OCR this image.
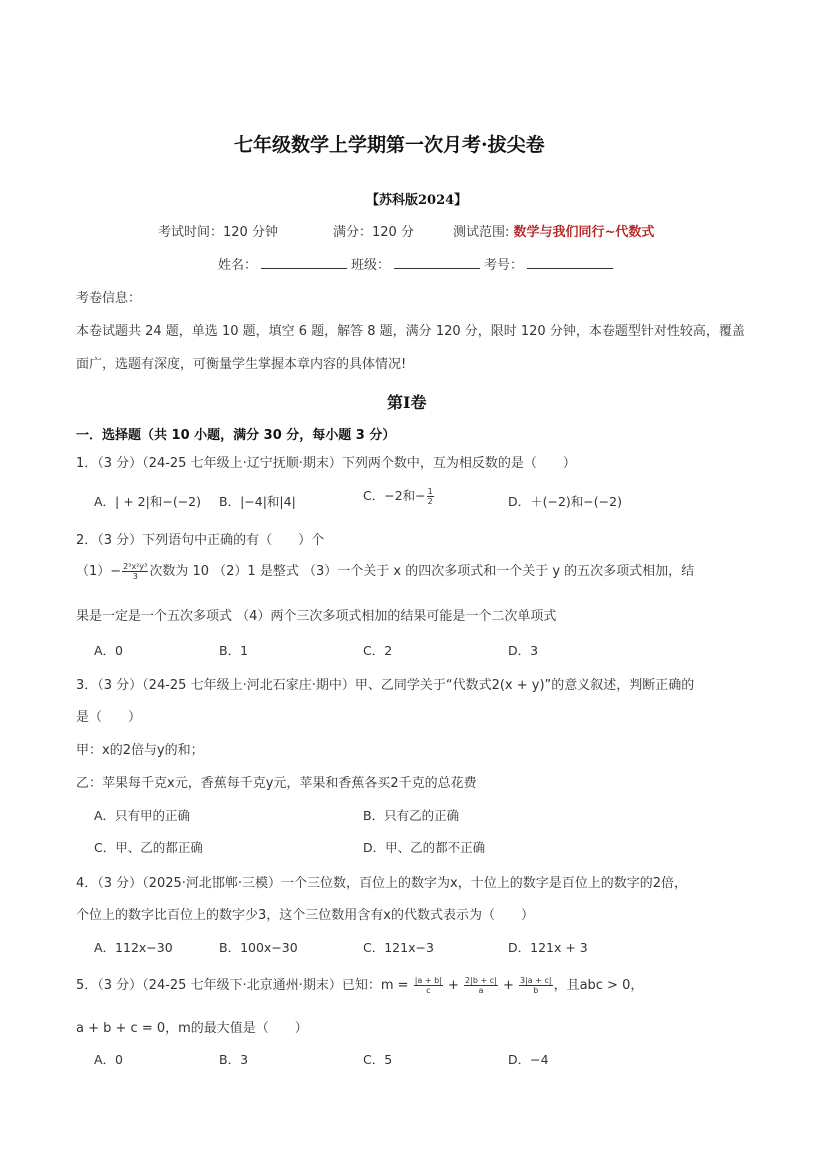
七年级数学上学期第一次月考·拔尖卷
【苏科版2024】
考试时间：120 分钟	满分：120 分	测试范围: 数学与我们同行~代数式
姓名：	班级：	考号：
考卷信息：
本卷试题共 24 题，单选 10 题，填空 6 题，解答 8 题，满分 120 分，限时 120 分钟，本卷题型针对性较高，覆盖
面广，选题有深度，可衡量学生掌握本章内容的具体情况!
第Ⅰ卷
一．选择题（共 10 小题，满分 30 分，每小题 3 分）
1．（3 分）（24-25 七年级上·辽宁抚顺·期末）下列两个数中，互为相反数的是（　　）
A．| + 2|和−(−2) B．|−4|和|4|	C．−2和− $\frac{1}{2}$	D．＋(−2)和−(−2)
2．（3 分）下列语句中正确的有（　　）个
$(1)- \frac{\text{2³x²y³}}{3}$ 次数为 10 （2）1 是整式 （3）一个关于 x 的四次多项式和一个关于 y 的五次多项式相加，结
果是一定是一个五次多项式 （4）两个三次多项式相加的结果可能是一个二次单项式
A．0	B．1	C．2	D．3
3．（3 分）（24-25 七年级上·河北石家庄·期中）甲、乙同学关于“代数式2(x + y)”的意义叙述，判断正确的
是（　　）
甲：x的2倍与y的和；
乙：苹果每千克x元，香蕉每千克y元，苹果和香蕉各买2千克的总花费
A．只有甲的正确	B．只有乙的正确
C．甲、乙的都正确	D．甲、乙的都不正确
4．（3 分）（2025·河北邯郸·三模）一个三位数，百位上的数字为x，十位上的数字是百位上的数字的2倍，
个位上的数字比百位上的数字少3，这个三位数用含有x的代数式表示为（　　）
A．112x−30	B．100x−30	C．121x−3	D．121x + 3
5．（3 分）（24-25 七年级下·北京通州·期末）已知：$m = \frac{|a + b|}{c} + \frac{2|b + c|}{a} + \frac{3|a + c|}{b}$ ，且abc > 0，
a + b + c = 0，m的最大值是（　　）
A．0	B．3	C．5	D．−4
